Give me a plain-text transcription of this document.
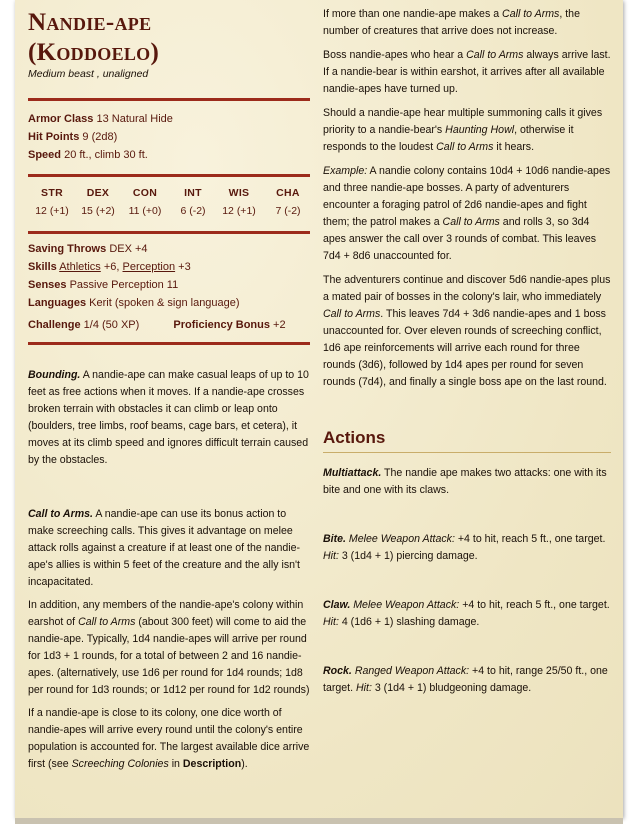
Nandie-ape
(Koddoelo)
Medium beast , unaligned
Armor Class 13 Natural Hide
Hit Points 9 (2d8)
Speed 20 ft., climb 30 ft.
STR
12 (+1)
DEX
15 (+2)
CON
11 (+0)
INT
6 (-2)
WIS
12 (+1)
CHA
7 (-2)
Saving Throws DEX +4
Skills Athletics +6, Perception +3
Senses Passive Perception 11
Languages Kerit (spoken & sign language)
Challenge 1/4 (50 XP)	Proficiency Bonus +2

Bounding. A nandie-ape can make casual leaps of up to 10 feet as free actions when it moves. If a nandie-ape crosses broken terrain with obstacles it can climb or leap onto (boulders, tree limbs, roof beams, cage bars, et cetera), it moves at its climb speed and ignores difficult terrain caused by the obstacles.

Call to Arms. A nandie-ape can use its bonus action to make screeching calls. This gives it advantage on melee attack rolls against a creature if at least one of the nandie-ape's allies is within 5 feet of the creature and the ally isn't incapacitated.

In addition, any members of the nandie-ape's colony within earshot of Call to Arms (about 300 feet) will come to aid the nandie-ape. Typically, 1d4 nandie-apes will arrive per round for 1d3 + 1 rounds, for a total of between 2 and 16 nandie-apes. (alternatively, use 1d6 per round for 1d4 rounds; 1d8 per round for 1d3 rounds; or 1d12 per round for 1d2 rounds)

If a nandie-ape is close to its colony, one dice worth of nandie-apes will arrive every round until the colony's entire population is accounted for. The largest available dice arrive first (see Screeching Colonies in Description).

If more than one nandie-ape makes a Call to Arms, the number of creatures that arrive does not increase.

Boss nandie-apes who hear a Call to Arms always arrive last. If a nandie-bear is within earshot, it arrives after all available nandie-apes have turned up.

Should a nandie-ape hear multiple summoning calls it gives priority to a nandie-bear's Haunting Howl, otherwise it responds to the loudest Call to Arms it hears.

Example: A nandie colony contains 10d4 + 10d6 nandie-apes and three nandie-ape bosses. A party of adventurers encounter a foraging patrol of 2d6 nandie-apes and fight them; the patrol makes a Call to Arms and rolls 3, so 3d4 apes answer the call over 3 rounds of combat. This leaves 7d4 + 8d6 unaccounted for.

The adventurers continue and discover 5d6 nandie-apes plus a mated pair of bosses in the colony's lair, who immediately Call to Arms. This leaves 7d4 + 3d6 nandie-apes and 1 boss unaccounted for. Over eleven rounds of screeching conflict, 1d6 ape reinforcements will arrive each round for three rounds (3d6), followed by 1d4 apes per round for seven rounds (7d4), and finally a single boss ape on the last round.

Actions

Multiattack. The nandie ape makes two attacks: one with its bite and one with its claws.

Bite. Melee Weapon Attack: +4 to hit, reach 5 ft., one target. Hit: 3 (1d4 + 1) piercing damage.

Claw. Melee Weapon Attack: +4 to hit, reach 5 ft., one target. Hit: 4 (1d6 + 1) slashing damage.

Rock. Ranged Weapon Attack: +4 to hit, range 25/50 ft., one target. Hit: 3 (1d4 + 1) bludgeoning damage.
